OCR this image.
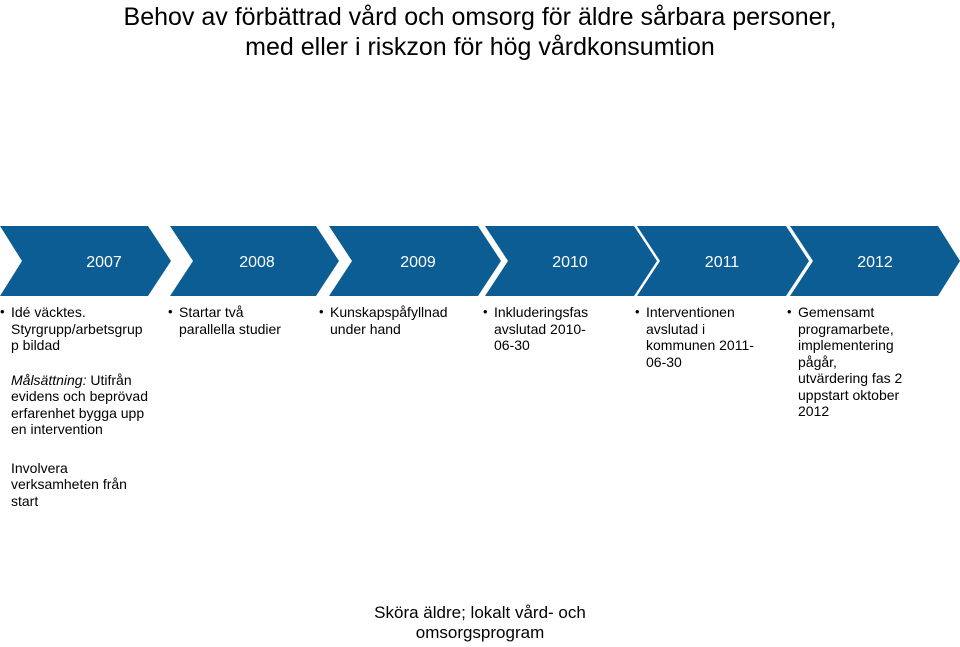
Behov av förbättrad vård och omsorg för äldre sårbara personer,
med eller i riskzon för hög vårdkonsumtion
2007	2008	2009	2010	2011	2012
• Idé väcktes.
Styrgrupp/arbetsgrup
p bildad
Målsättning: Utifrån
evidens och beprövad
erfarenhet bygga upp
en intervention
Involvera
verksamheten från
start
• Startar två
parallella studier
• Kunskapspåfyllnad
under hand
• Inkluderingsfas
avslutad 2010-
06-30
• Interventionen
avslutad i
kommunen 2011-
06-30
• Gemensamt
programarbete,
implementering
pågår,
utvärdering fas 2
uppstart oktober
2012
Sköra äldre; lokalt vård- och
omsorgsprogram
